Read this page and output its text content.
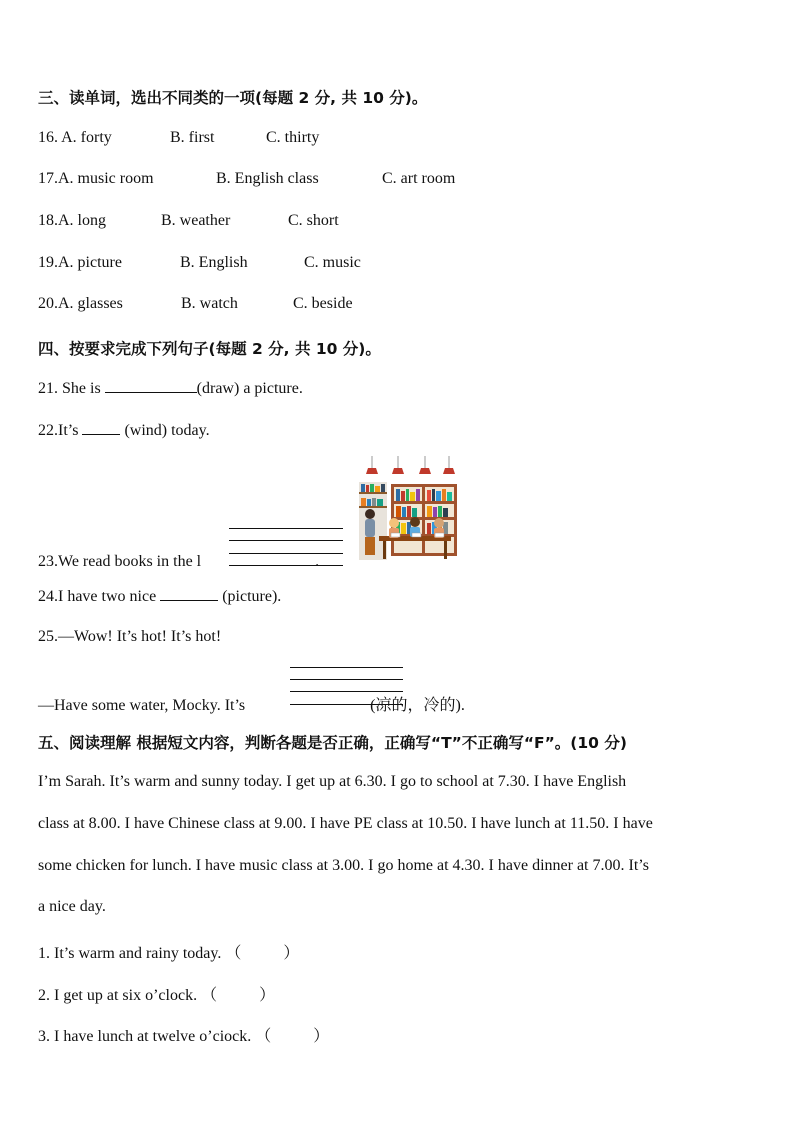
三、读单词，选出不同类的一项(每题 2 分, 共 10 分)。
16. A. forty	B. first	C. thirty
17.A. music room	B. English class	C. art room
18.A. long	B. weather	C. short
19.A. picture	B. English	C. music
20.A. glasses	B. watch	C. beside
四、按要求完成下列句子(每题 2 分, 共 10 分)。
21. She is	(draw) a picture.
22.It’s  (wind) today.
23.We read books in the l	.
24.I have two nice	(picture).
25.—Wow! It’s hot! It’s hot!
—Have some water, Mocky. It’s	(凉的，冷的).
五、阅读理解 根据短文内容，判断各题是否正确，正确写“T”不正确写“F”。(10 分)
I’m Sarah. It’s warm and sunny today. I get up at 6.30. I go to school at 7.30. I have English
class at 8.00. I have Chinese class at 9.00. I have PE class at 10.50. I have lunch at 11.50. I have
some chicken for lunch. I have music class at 3.00. I go home at 4.30. I have dinner at 7.00. It’s
a nice day.
1. It’s warm and rainy today. （	）
2. I get up at six o’clock. （	）
3. I have lunch at twelve o’ciock. （	）
